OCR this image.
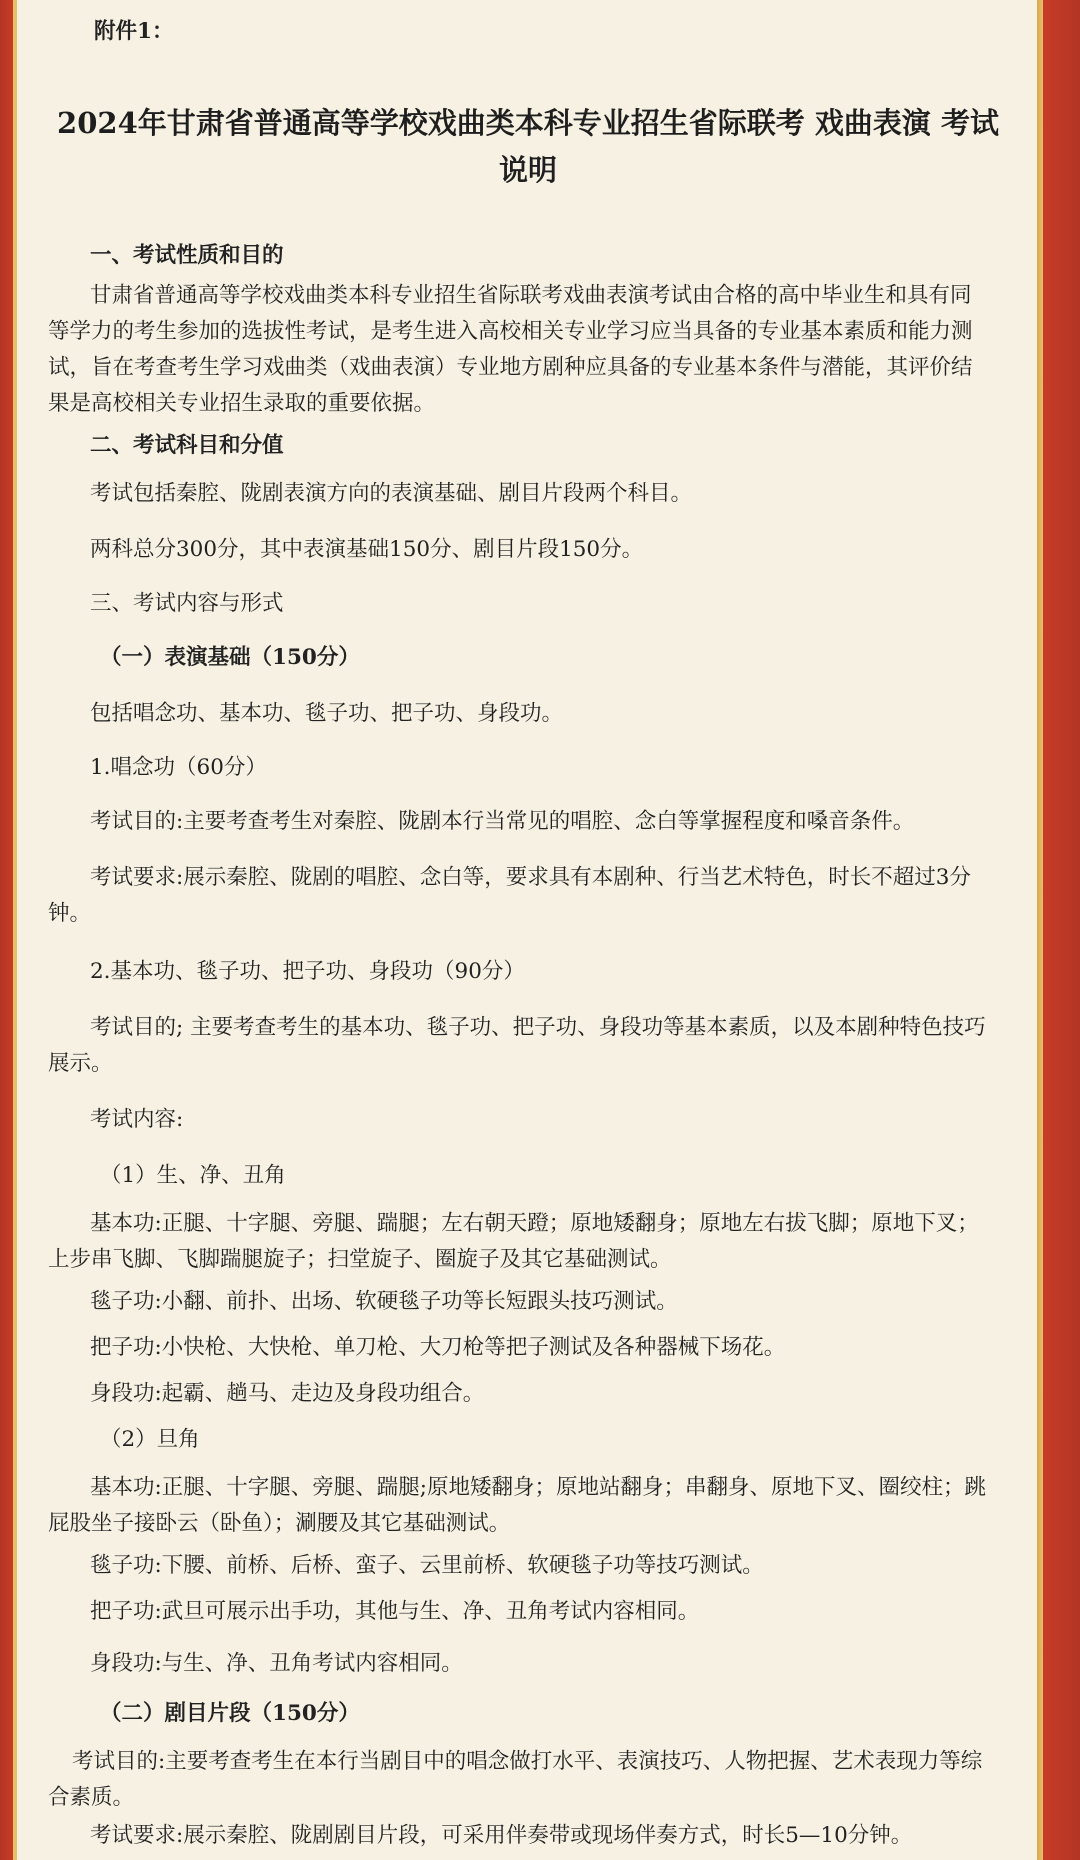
附件1：

2024年甘肃省普通高等学校戏曲类本科专业招生省际联考 戏曲表演 考试
说明

一、考试性质和目的

甘肃省普通高等学校戏曲类本科专业招生省际联考戏曲表演考试由合格的高中毕业生和具有同

等学力的考生参加的选拔性考试，是考生进入高校相关专业学习应当具备的专业基本素质和能力测

试，旨在考查考生学习戏曲类（戏曲表演）专业地方剧种应具备的专业基本条件与潜能，其评价结

果是高校相关专业招生录取的重要依据。

二、考试科目和分值

考试包括秦腔、陇剧表演方向的表演基础、剧目片段两个科目。

两科总分300分，其中表演基础150分、剧目片段150分。

三、考试内容与形式

（一）表演基础（150分）

包括唱念功、基本功、毯子功、把子功、身段功。

1.唱念功（60分）

考试目的:主要考查考生对秦腔、陇剧本行当常见的唱腔、念白等掌握程度和嗓音条件。

考试要求:展示秦腔、陇剧的唱腔、念白等，要求具有本剧种、行当艺术特色，时长不超过3分

钟。

2.基本功、毯子功、把子功、身段功（90分）

考试目的; 主要考查考生的基本功、毯子功、把子功、身段功等基本素质，以及本剧种特色技巧

展示。

考试内容:

（1）生、净、丑角

基本功:正腿、十字腿、旁腿、踹腿；左右朝天蹬；原地矮翻身；原地左右拔飞脚；原地下叉；

上步串飞脚、飞脚踹腿旋子；扫堂旋子、圈旋子及其它基础测试。

毯子功:小翻、前扑、出场、软硬毯子功等长短跟头技巧测试。

把子功:小快枪、大快枪、单刀枪、大刀枪等把子测试及各种器械下场花。

身段功:起霸、趟马、走边及身段功组合。

（2）旦角

基本功:正腿、十字腿、旁腿、踹腿;原地矮翻身；原地站翻身；串翻身、原地下叉、圈绞柱；跳

屁股坐子接卧云（卧鱼）；涮腰及其它基础测试。

毯子功:下腰、前桥、后桥、蛮子、云里前桥、软硬毯子功等技巧测试。

把子功:武旦可展示出手功，其他与生、净、丑角考试内容相同。

身段功:与生、净、丑角考试内容相同。

（二）剧目片段（150分）

考试目的:主要考查考生在本行当剧目中的唱念做打水平、表演技巧、人物把握、艺术表现力等综

合素质。

考试要求:展示秦腔、陇剧剧目片段，可采用伴奏带或现场伴奏方式，时长5—10分钟。
